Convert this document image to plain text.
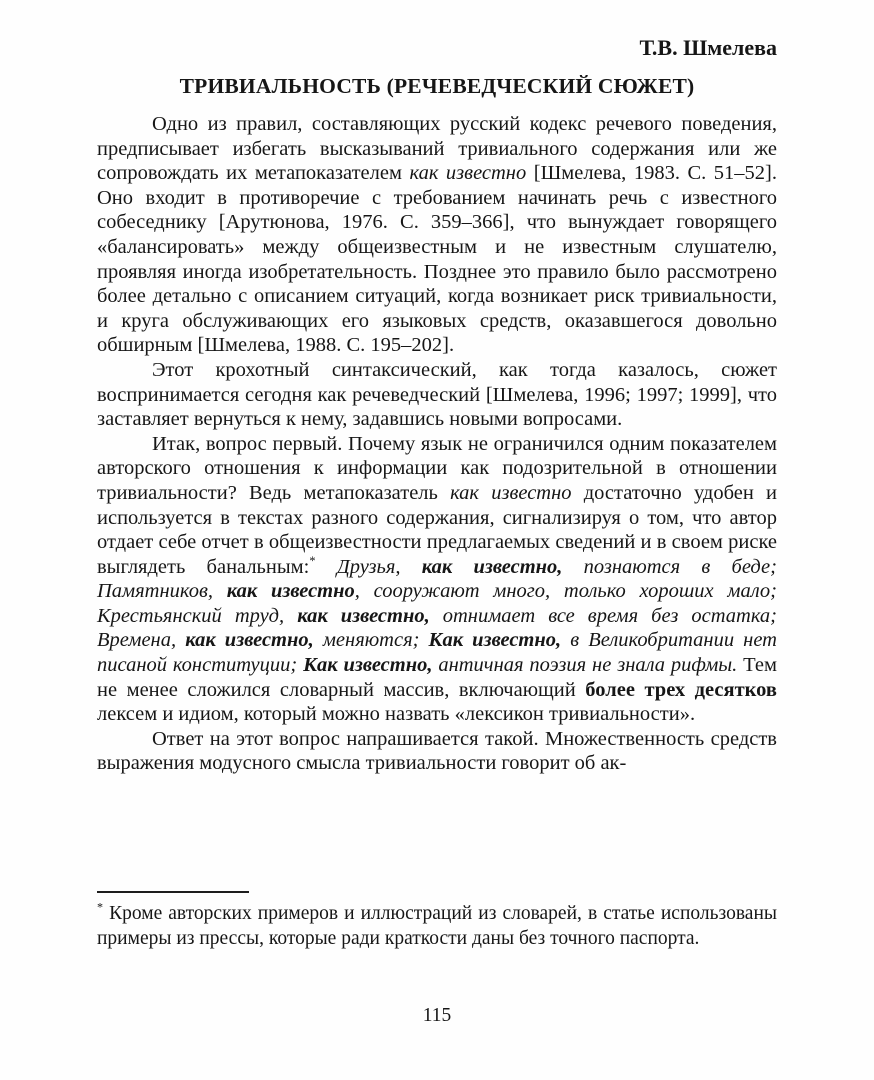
Т.В. Шмелева
ТРИВИАЛЬНОСТЬ (РЕЧЕВЕДЧЕСКИЙ СЮЖЕТ)

Одно из правил, составляющих русский кодекс речевого поведения, предписывает избегать высказываний тривиального содержания или же сопровождать их метапоказателем как известно [Шмелева, 1983. С. 51–52]. Оно входит в противоречие с требованием начинать речь с известного собеседнику [Арутюнова, 1976. С. 359–366], что вынуждает говорящего «балансировать» между общеизвестным и не известным слушателю, проявляя иногда изобретательность. Позднее это правило было рассмотрено более детально с описанием ситуаций, когда возникает риск тривиальности, и круга обслуживающих его языковых средств, оказавшегося довольно обширным [Шмелева, 1988. С. 195–202].

Этот крохотный синтаксический, как тогда казалось, сюжет воспринимается сегодня как речеведческий [Шмелева, 1996; 1997; 1999], что заставляет вернуться к нему, задавшись новыми вопросами.

Итак, вопрос первый. Почему язык не ограничился одним показателем авторского отношения к информации как подозрительной в отношении тривиальности? Ведь метапоказатель как известно достаточно удобен и используется в текстах разного содержания, сигнализируя о том, что автор отдает себе отчет в общеизвестности предлагаемых сведений и в своем риске выглядеть банальным:* Друзья, как известно, познаются в беде; Памятников, как известно, сооружают много, только хороших мало; Крестьянский труд, как известно, отнимает все время без остатка; Времена, как известно, меняются; Как известно, в Великобритании нет писаной конституции; Как известно, античная поэзия не знала рифмы. Тем не менее сложился словарный массив, включающий более трех десятков лексем и идиом, который можно назвать «лексикон тривиальности».

Ответ на этот вопрос напрашивается такой. Множественность средств выражения модусного смысла тривиальности говорит об ак-

* Кроме авторских примеров и иллюстраций из словарей, в статье использованы примеры из прессы, которые ради краткости даны без точного паспорта.
115
